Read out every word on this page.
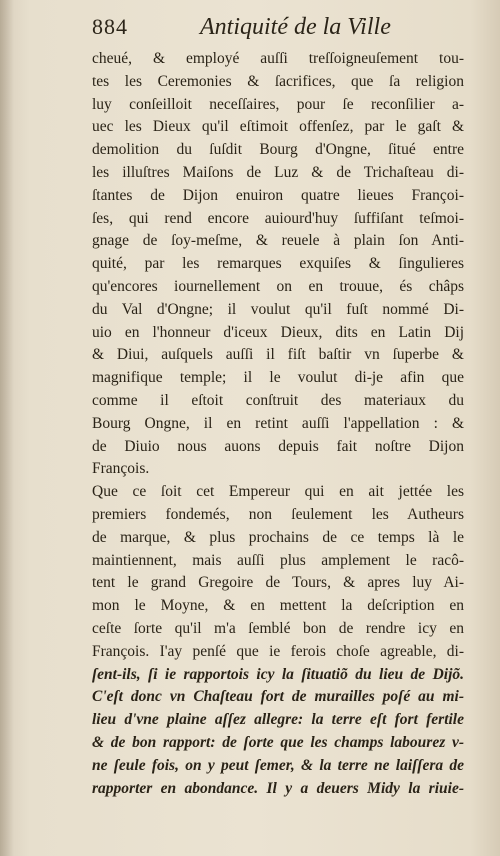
884	Antiquité de la Ville
cheué, & employé auſſi treſſoigneuſement tou-
tes les Ceremonies & ſacrifices, que ſa religion
luy conſeilloit neceſſaires, pour ſe reconſilier a-
uec les Dieux qu'il eſtimoit offenſez, par le gaſt &
demolition du ſuſdit Bourg d'Ongne, ſitué entre
les illuſtres Maiſons de Luz & de Trichaſteau di-
ſtantes de Dijon enuiron quatre lieues Françoi-
ſes, qui rend encore auiourd'huy ſuffiſant teſmoi-
gnage de ſoy-meſme, & reuele à plain ſon Anti-
quité, par les remarques exquiſes & ſingulieres
qu'encores iournellement on en trouue, és châps
du Val d'Ongne; il voulut qu'il fuſt nommé Di-
uio en l'honneur d'iceux Dieux, dits en Latin Dij
& Diui, auſquels auſſi il fiſt baſtir vn ſuperbe &
magnifique temple; il le voulut di-je afin que
comme il eſtoit conſtruit des materiaux du
Bourg Ongne, il en retint auſſi l'appellation : &
de Diuio nous auons depuis fait noſtre Dijon
François.
Que ce ſoit cet Empereur qui en ait jettée les
premiers fondemés, non ſeulement les Autheurs
de marque, & plus prochains de ce temps là le
maintiennent, mais auſſi plus amplement le racô-
tent le grand Gregoire de Tours, & apres luy Ai-
mon le Moyne, & en mettent la deſcription en
ceſte ſorte qu'il m'a ſemblé bon de rendre icy en
François. I'ay penſé que ie ferois choſe agreable, di-
ſent-ils, ſi ie rapportois icy la ſituatiõ du lieu de Dijõ.
C'eſt donc vn Chaſteau fort de murailles poſé au mi-
lieu d'vne plaine aſſez allegre: la terre eſt fort fertile
& de bon rapport: de ſorte que les champs labourez v-
ne ſeule fois, on y peut ſemer, & la terre ne laiſſera de
rapporter en abondance. Il y a deuers Midy la riuie-
